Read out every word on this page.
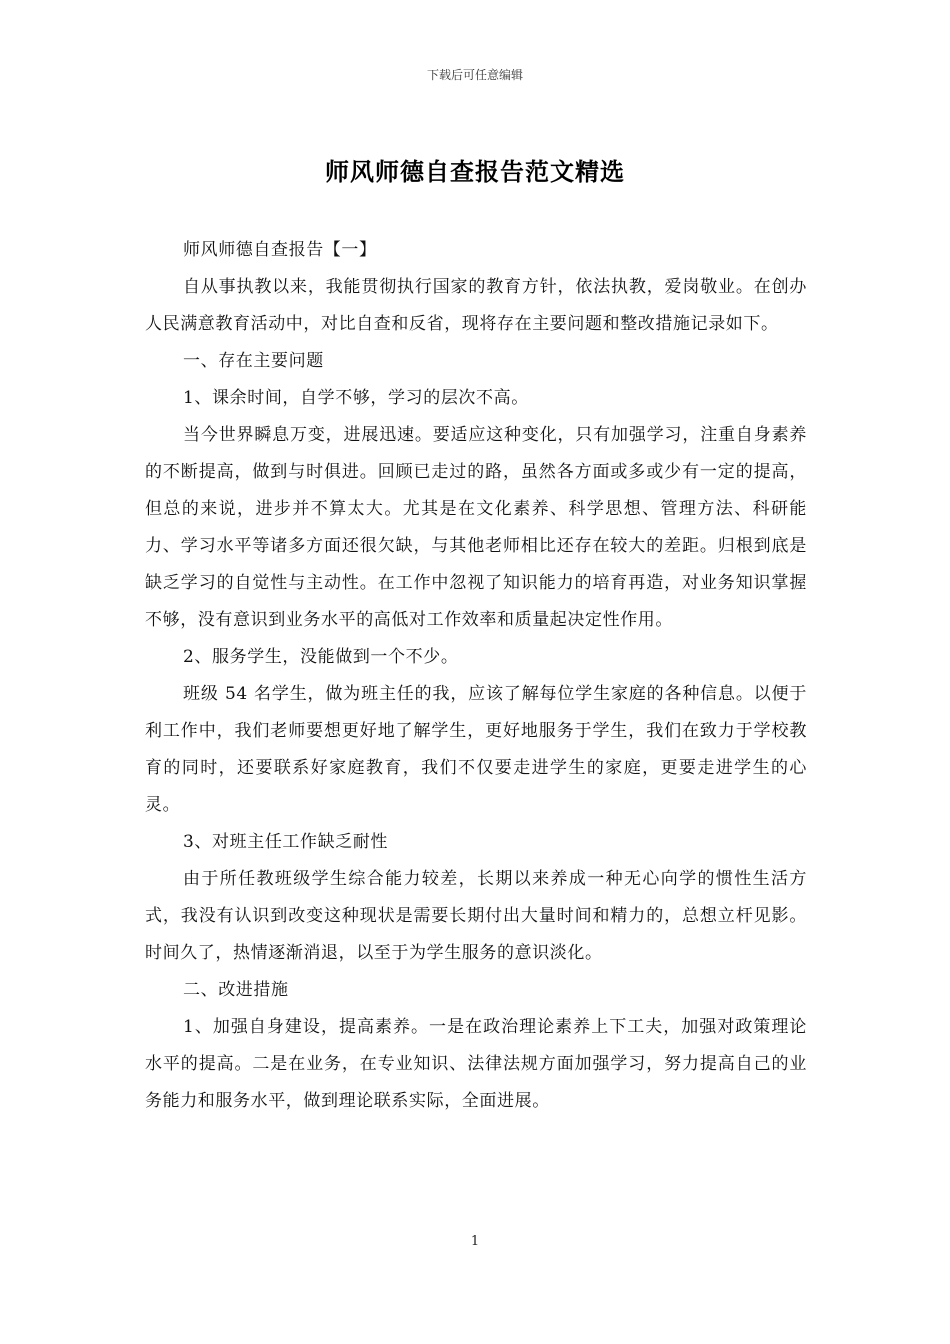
下载后可任意编辑
师风师德自查报告范文精选

师风师德自查报告【一】

自从事执教以来，我能贯彻执行国家的教育方针，依法执教，爱岗敬业。在创办人民满意教育活动中，对比自查和反省，现将存在主要问题和整改措施记录如下。

一、存在主要问题

1、课余时间，自学不够，学习的层次不高。

当今世界瞬息万变，进展迅速。要适应这种变化，只有加强学习，注重自身素养的不断提高，做到与时俱进。回顾已走过的路，虽然各方面或多或少有一定的提高，但总的来说，进步并不算太大。尤其是在文化素养、科学思想、管理方法、科研能力、学习水平等诸多方面还很欠缺，与其他老师相比还存在较大的差距。归根到底是缺乏学习的自觉性与主动性。在工作中忽视了知识能力的培育再造，对业务知识掌握不够，没有意识到业务水平的高低对工作效率和质量起决定性作用。

2、服务学生，没能做到一个不少。

班级 54 名学生，做为班主任的我，应该了解每位学生家庭的各种信息。以便于利工作中，我们老师要想更好地了解学生，更好地服务于学生，我们在致力于学校教育的同时，还要联系好家庭教育，我们不仅要走进学生的家庭，更要走进学生的心灵。

3、对班主任工作缺乏耐性

由于所任教班级学生综合能力较差，长期以来养成一种无心向学的惯性生活方式，我没有认识到改变这种现状是需要长期付出大量时间和精力的，总想立杆见影。时间久了，热情逐渐消退，以至于为学生服务的意识淡化。

二、改进措施

1、加强自身建设，提高素养。一是在政治理论素养上下工夫，加强对政策理论水平的提高。二是在业务，在专业知识、法律法规方面加强学习，努力提高自己的业务能力和服务水平，做到理论联系实际，全面进展。

1
